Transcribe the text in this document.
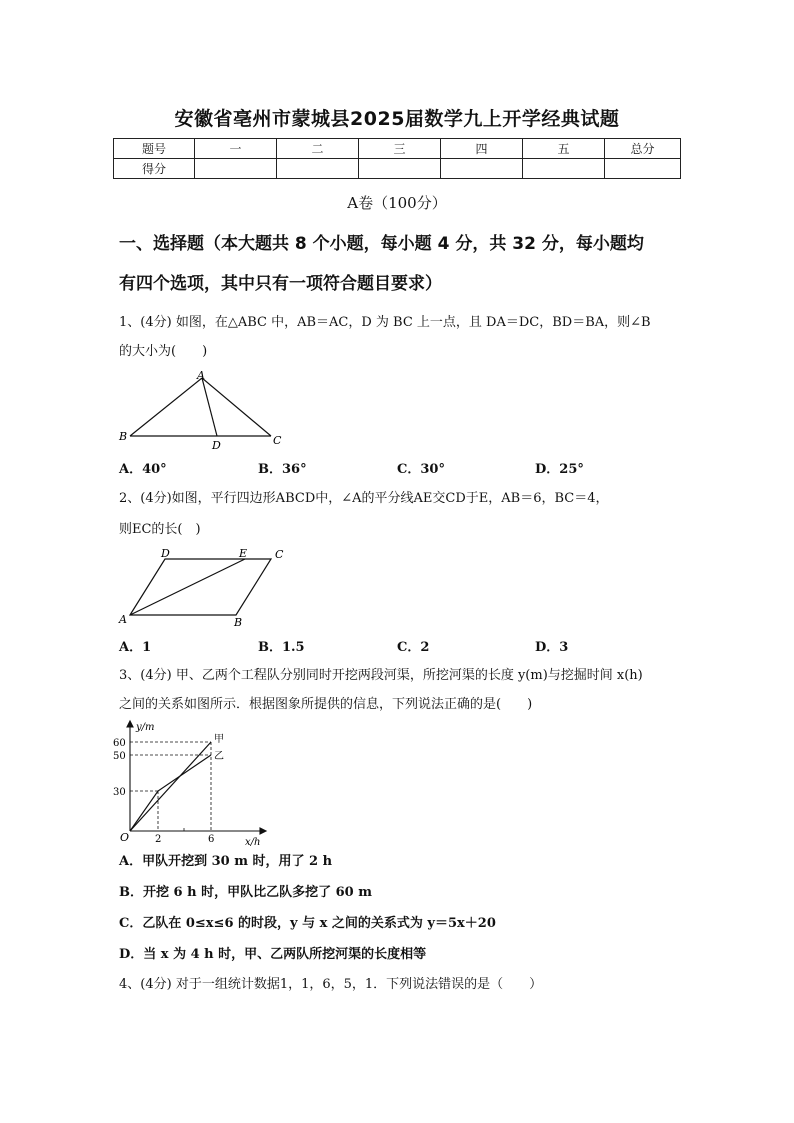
安徽省亳州市蒙城县2025届数学九上开学经典试题
题号	一	二	三	四	五	总分
得分						
A卷（100分）
一、选择题（本大题共 8 个小题，每小题 4 分，共 32 分，每小题均
有四个选项，其中只有一项符合题目要求）
1、(4分) 如图，在△ABC 中，AB＝AC，D 为 BC 上一点，且 DA＝DC，BD＝BA，则∠B
的大小为(　　)
A
B	C
D
A．40°	B．36°	C．30°	D．25°
2、(4分)如图，平行四边形ABCD中，∠A的平分线AE交CD于E，AB＝6，BC＝4，
则EC的长(　)
D	E	C
A	B
A．1	B．1.5	C．2	D．3
3、(4分) 甲、乙两个工程队分别同时开挖两段河渠，所挖河渠的长度 y(m)与挖掘时间 x(h)
之间的关系如图所示．根据图象所提供的信息，下列说法正确的是(　　)
y/m
x/h
O
60
50
30
2	6
甲
乙
A．甲队开挖到 30 m 时，用了 2 h
B．开挖 6 h 时，甲队比乙队多挖了 60 m
C．乙队在 0≤x≤6 的时段，y 与 x 之间的关系式为 y＝5x＋20
D．当 x 为 4 h 时，甲、乙两队所挖河渠的长度相等
4、(4分) 对于一组统计数据1，1，6，5，1．下列说法错误的是（　　）
